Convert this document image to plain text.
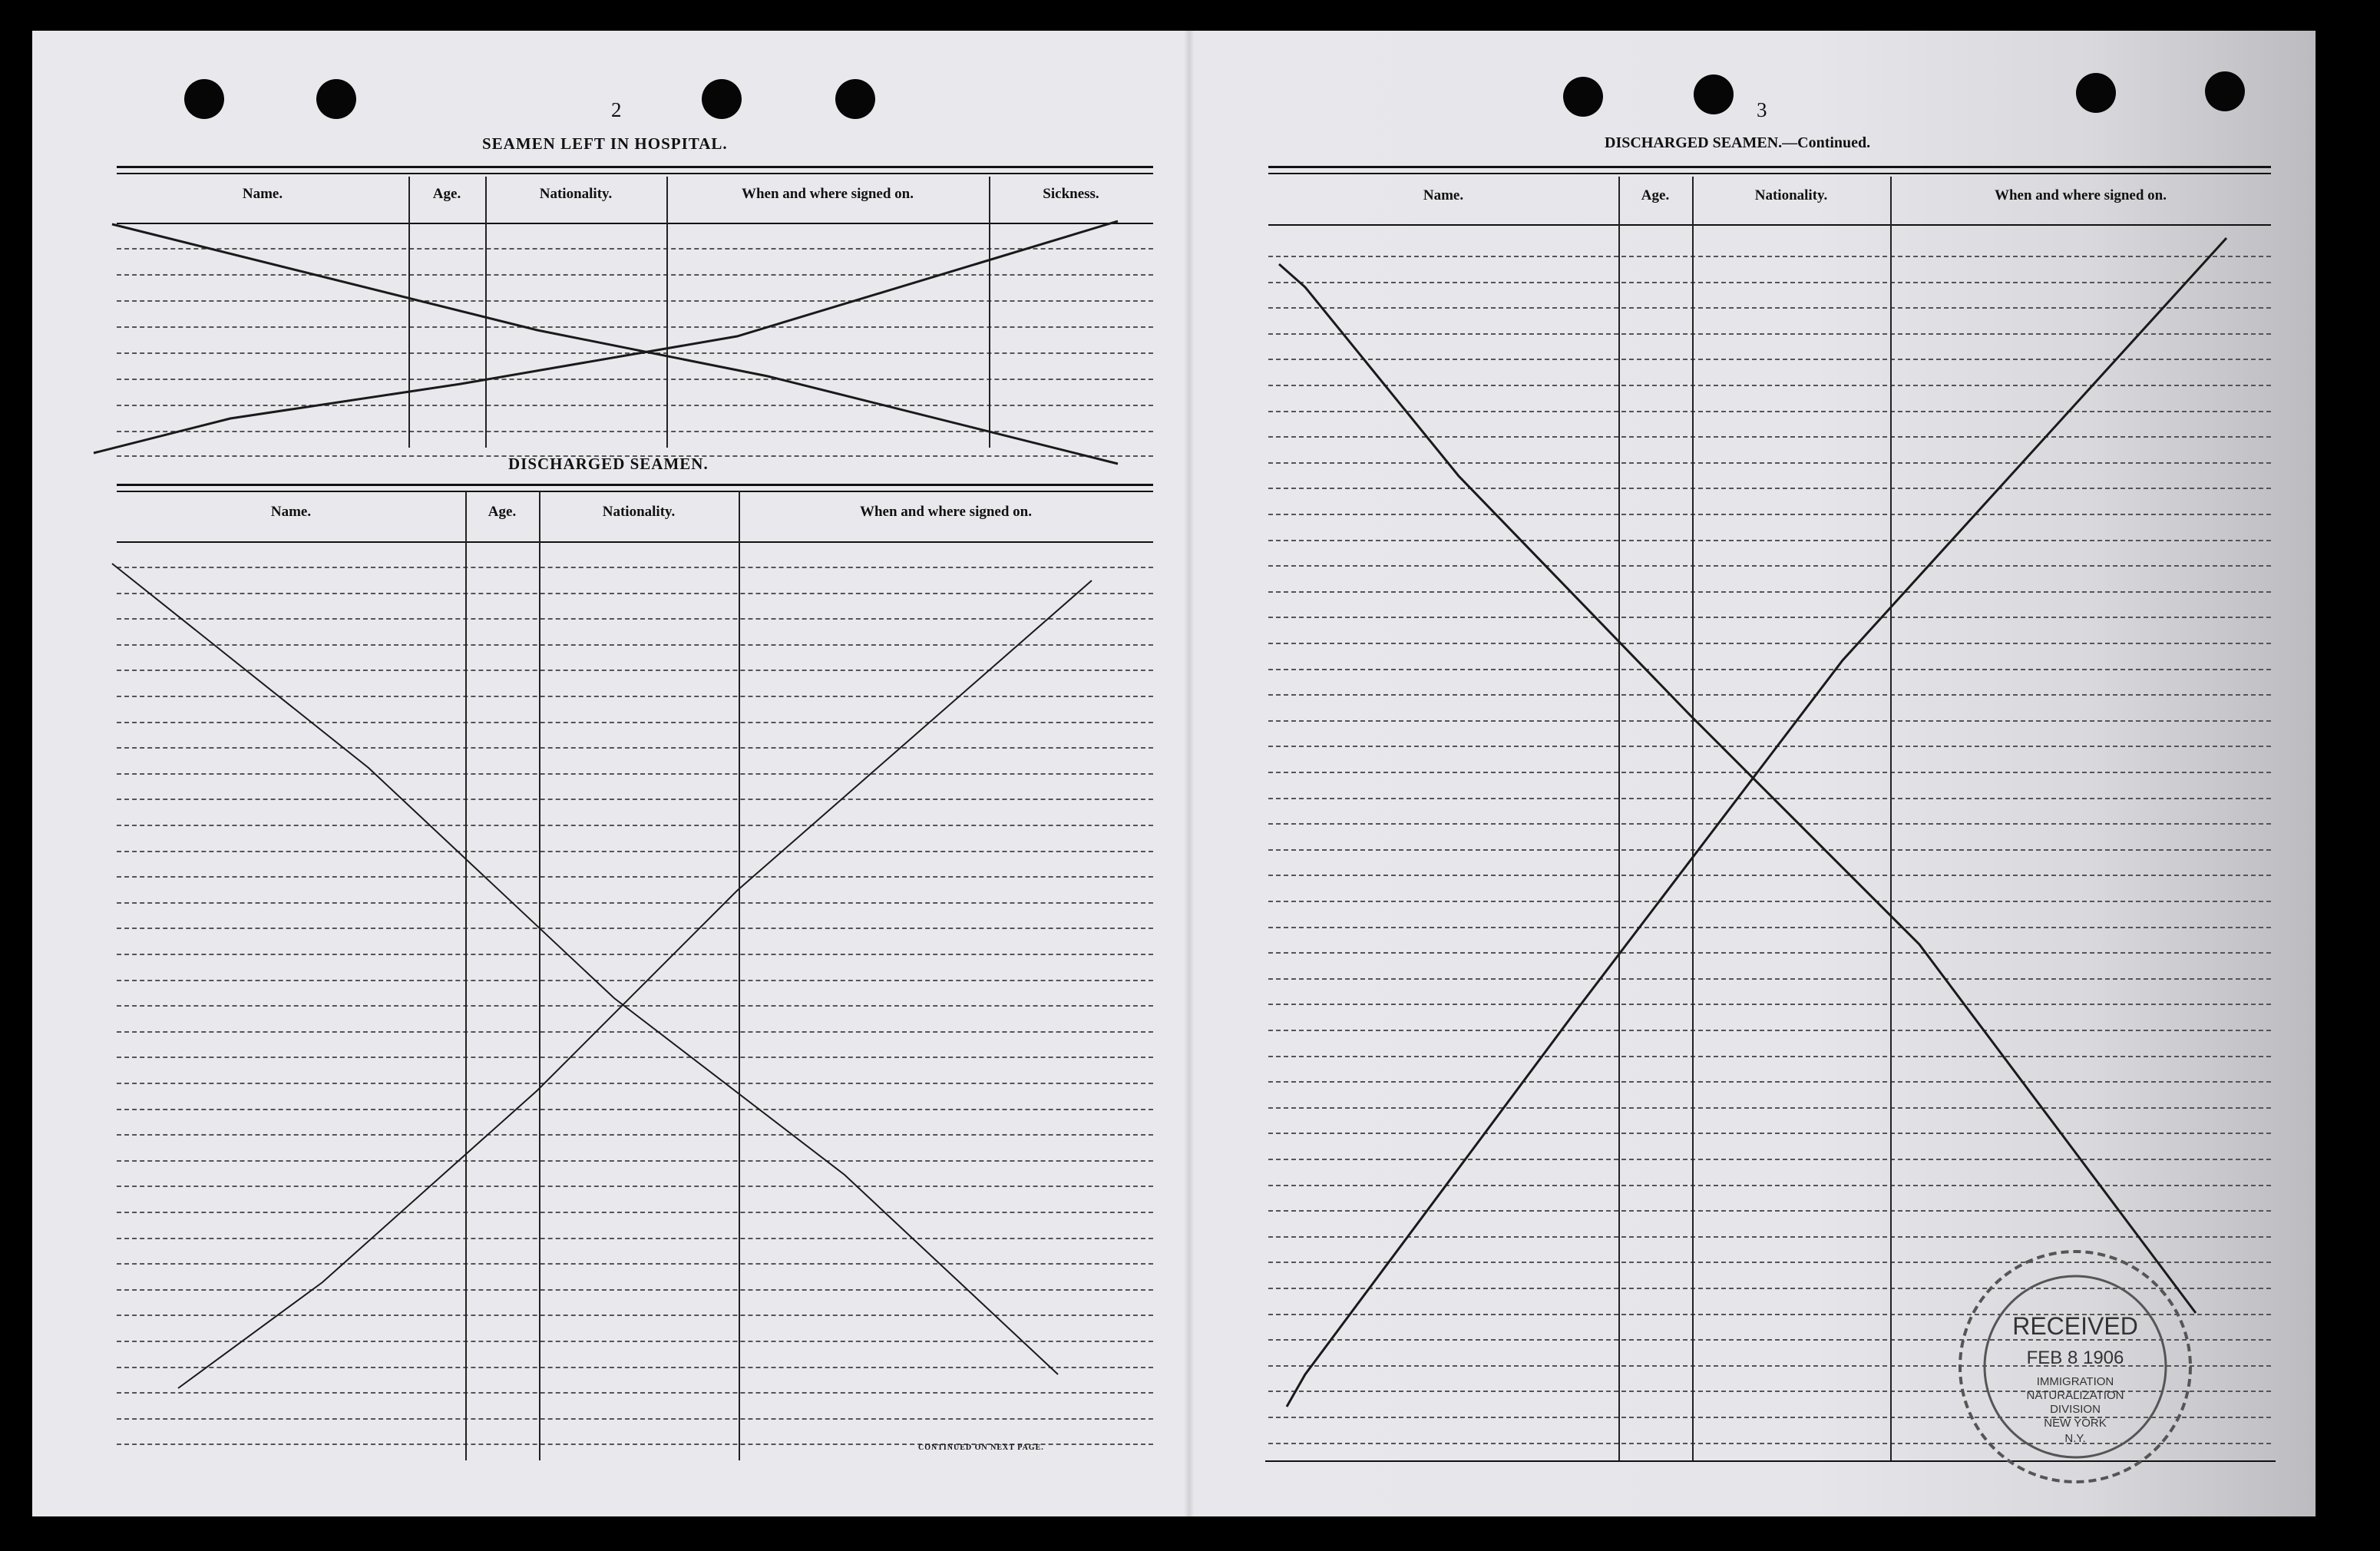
2
SEAMEN LEFT IN HOSPITAL.
Name.	Age.	Nationality.	When and where signed on.	Sickness.
DISCHARGED SEAMEN.
Name.	Age.	Nationality.	When and where signed on.
CONTINUED ON NEXT PAGE.
3
DISCHARGED SEAMEN.—Continued.
Name.	Age.	Nationality.	When and where signed on.
RECEIVED
FEB 8 1906
IMMIGRATION
NATURALIZATION
DIVISION
NEW YORK
N.Y.
